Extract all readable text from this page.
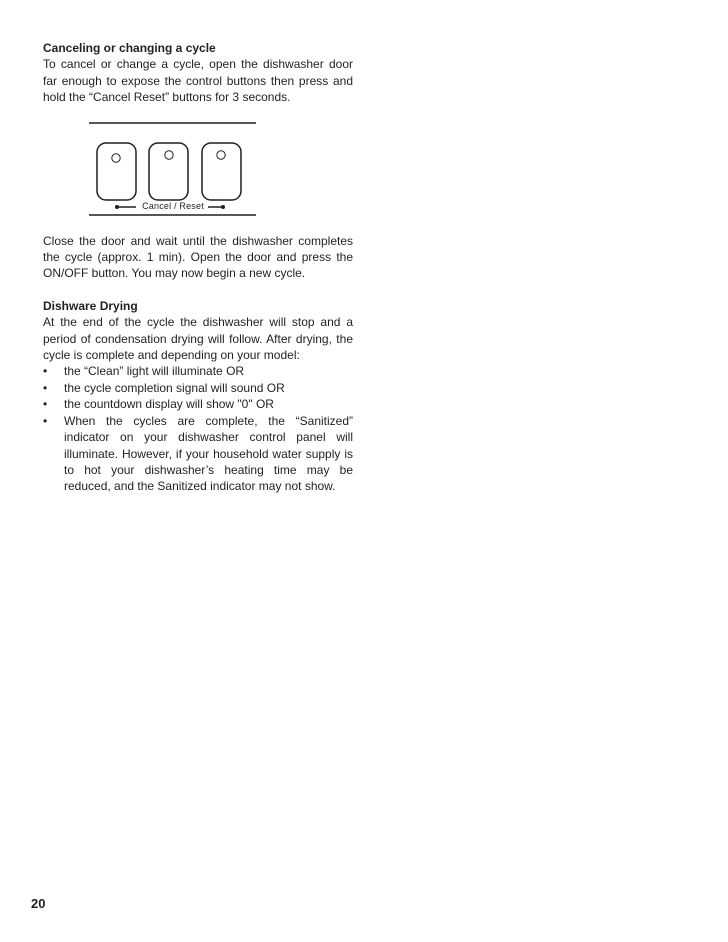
Canceling or changing a cycle

To cancel or change a cycle, open the dishwasher door far enough to expose the control buttons then press and hold the “Cancel Reset” buttons for 3 seconds.

Cancel / Reset

Close the door and wait until the dishwasher completes the cycle (approx. 1 min). Open the door and press the ON/OFF button. You may now begin a new cycle.

Dishware Drying

At the end of the cycle the dishwasher will stop and a period of condensation drying will follow. After drying, the cycle is complete and depending on your model:

• the “Clean” light will illuminate OR
• the cycle completion signal will sound OR
• the countdown display will show "0" OR
• When the cycles are complete, the “Sanitized” indicator on your dishwasher control panel will illuminate. However, if your household water supply is to hot your dishwasher’s heating time may be reduced, and the Sanitized indicator may not show.
20
